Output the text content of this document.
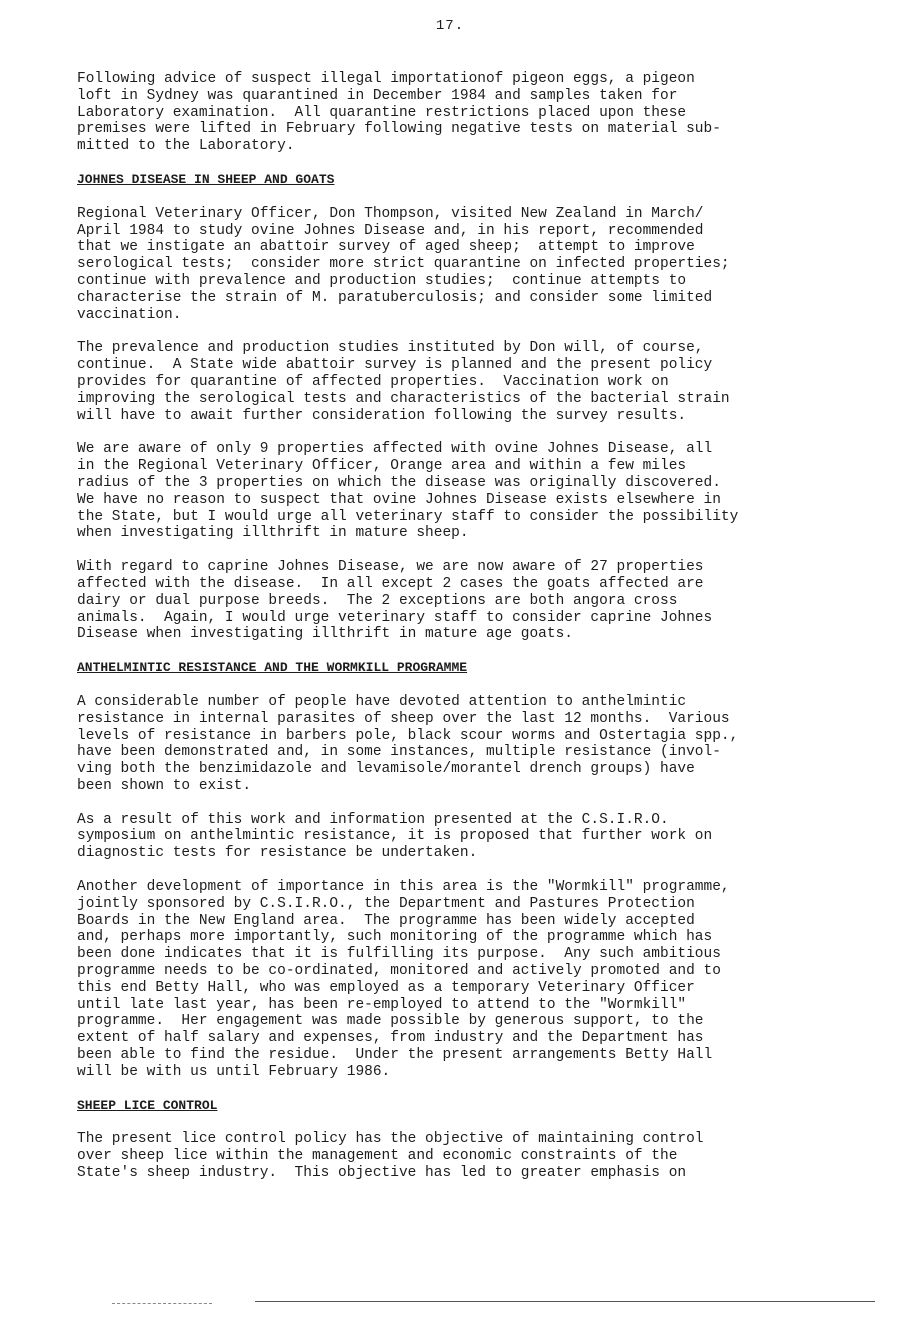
17.

Following advice of suspect illegal importationof pigeon eggs, a pigeon
loft in Sydney was quarantined in December 1984 and samples taken for
Laboratory examination.  All quarantine restrictions placed upon these
premises were lifted in February following negative tests on material sub-
mitted to the Laboratory.

JOHNES DISEASE IN SHEEP AND GOATS

Regional Veterinary Officer, Don Thompson, visited New Zealand in March/
April 1984 to study ovine Johnes Disease and, in his report, recommended
that we instigate an abattoir survey of aged sheep;  attempt to improve
serological tests;  consider more strict quarantine on infected properties;
continue with prevalence and production studies;  continue attempts to
characterise the strain of M. paratuberculosis; and consider some limited
vaccination.

The prevalence and production studies instituted by Don will, of course,
continue.  A State wide abattoir survey is planned and the present policy
provides for quarantine of affected properties.  Vaccination work on
improving the serological tests and characteristics of the bacterial strain
will have to await further consideration following the survey results.

We are aware of only 9 properties affected with ovine Johnes Disease, all
in the Regional Veterinary Officer, Orange area and within a few miles
radius of the 3 properties on which the disease was originally discovered.
We have no reason to suspect that ovine Johnes Disease exists elsewhere in
the State, but I would urge all veterinary staff to consider the possibility
when investigating illthrift in mature sheep.

With regard to caprine Johnes Disease, we are now aware of 27 properties
affected with the disease.  In all except 2 cases the goats affected are
dairy or dual purpose breeds.  The 2 exceptions are both angora cross
animals.  Again, I would urge veterinary staff to consider caprine Johnes
Disease when investigating illthrift in mature age goats.

ANTHELMINTIC RESISTANCE AND THE WORMKILL PROGRAMME

A considerable number of people have devoted attention to anthelmintic
resistance in internal parasites of sheep over the last 12 months.  Various
levels of resistance in barbers pole, black scour worms and Ostertagia spp.,
have been demonstrated and, in some instances, multiple resistance (invol-
ving both the benzimidazole and levamisole/morantel drench groups) have
been shown to exist.

As a result of this work and information presented at the C.S.I.R.O.
symposium on anthelmintic resistance, it is proposed that further work on
diagnostic tests for resistance be undertaken.

Another development of importance in this area is the "Wormkill" programme,
jointly sponsored by C.S.I.R.O., the Department and Pastures Protection
Boards in the New England area.  The programme has been widely accepted
and, perhaps more importantly, such monitoring of the programme which has
been done indicates that it is fulfilling its purpose.  Any such ambitious
programme needs to be co-ordinated, monitored and actively promoted and to
this end Betty Hall, who was employed as a temporary Veterinary Officer
until late last year, has been re-employed to attend to the "Wormkill"
programme.  Her engagement was made possible by generous support, to the
extent of half salary and expenses, from industry and the Department has
been able to find the residue.  Under the present arrangements Betty Hall
will be with us until February 1986.

SHEEP LICE CONTROL

The present lice control policy has the objective of maintaining control
over sheep lice within the management and economic constraints of the
State's sheep industry.  This objective has led to greater emphasis on
